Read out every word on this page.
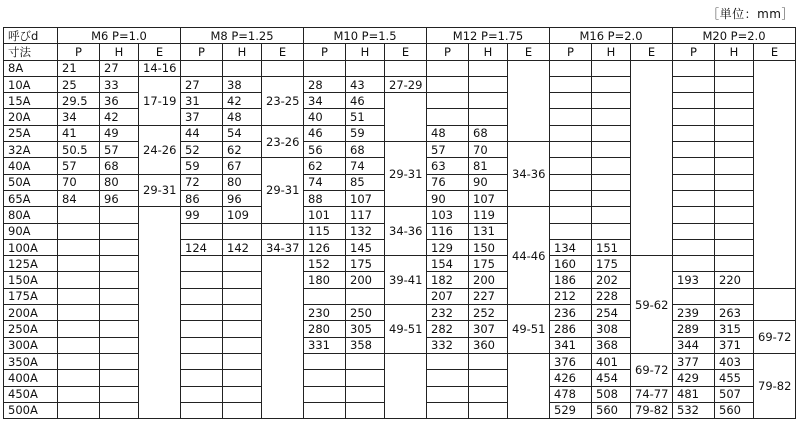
［単位：mm］
呼びd	M6 P=1.0			M8 P=1.25			M10 P=1.5			M12 P=1.75			M16 P=2.0			M20 P=2.0		
寸法	P	H	E	P	H	E	P	H	E	P	H	E	P	H	E	P	H	E
8A	21	27	14-16															
10A	25	33	17-19	27	38	23-25	28	43	27-29									
15A	29.5	36		31	42		34	46										
20A	34	42		37	48		40	51										
25A	41	49	24-26	44	54	23-26	46	59		48	68							
32A	50.5	57		52	62		56	68	29-31	57	70	34-36						
40A	57	68		59	67	29-31	62	74		63	81							
50A	70	80	29-31	72	80		74	85		76	90							
65A	84	96		86	96		88	107		90	107							
80A				99	109		101	117	34-36	103	119	44-46						
90A							115	132		116	131							
100A				124	142	34-37	126	145		129	150		134	151				
125A							152	175	39-41	154	175		160	175	59-62			
150A							180	200		182	200		186	202		193	220	
175A										207	227		212	228				
200A							230	250	49-51	232	252	49-51	236	254		239	263	
250A							280	305		282	307		286	308		289	315	69-72
300A							331	358		332	360		341	368		344	371	
350A													376	401	69-72	377	403	79-82
400A													426	454		429	455	
450A													478	508	74-77	481	507	
500A													529	560	79-82	532	560	
